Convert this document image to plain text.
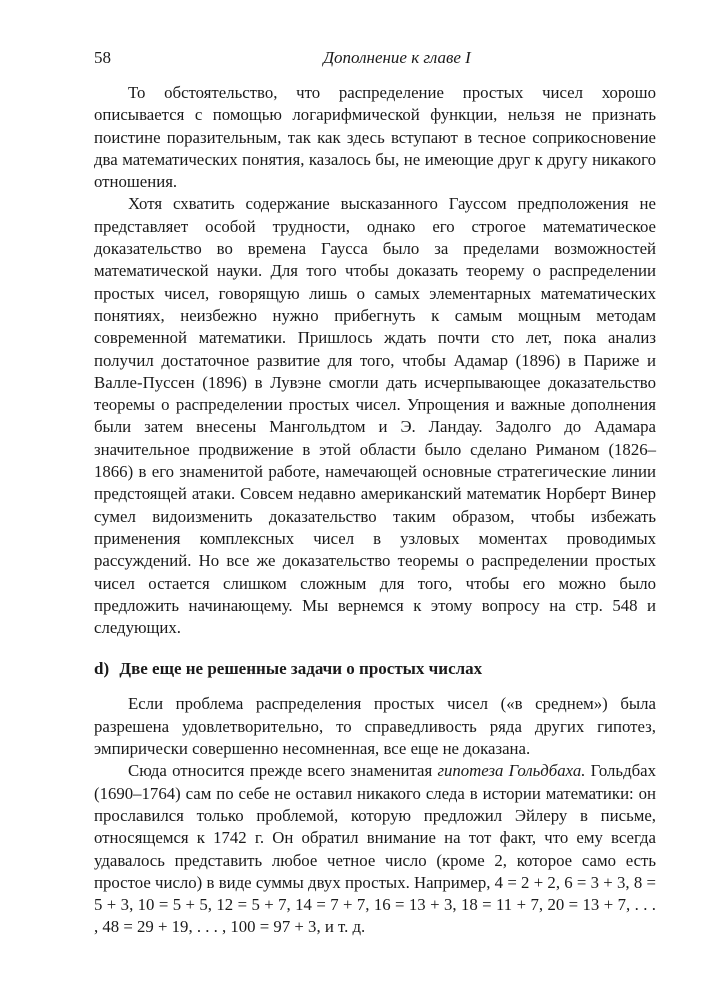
58	Дополнение к главе I

То обстоятельство, что распределение простых чисел хорошо описывается с помощью логарифмической функции, нельзя не признать поистине поразительным, так как здесь вступают в тесное соприкосновение два математических понятия, казалось бы, не имеющие друг к другу никакого отношения.

Хотя схватить содержание высказанного Гауссом предположения не представляет особой трудности, однако его строгое математическое доказательство во времена Гаусса было за пределами возможностей математической науки. Для того чтобы доказать теорему о распределении простых чисел, говорящую лишь о самых элементарных математических понятиях, неизбежно нужно прибегнуть к самым мощным методам современной математики. Пришлось ждать почти сто лет, пока анализ получил достаточное развитие для того, чтобы Адамар (1896) в Париже и Валле-Пуссен (1896) в Лувэне смогли дать исчерпывающее доказательство теоремы о распределении простых чисел. Упрощения и важные дополнения были затем внесены Мангольдтом и Э. Ландау. Задолго до Адамара значительное продвижение в этой области было сделано Риманом (1826–1866) в его знаменитой работе, намечающей основные стратегические линии предстоящей атаки. Совсем недавно американский математик Норберт Винер сумел видоизменить доказательство таким образом, чтобы избежать применения комплексных чисел в узловых моментах проводимых рассуждений. Но все же доказательство теоремы о распределении простых чисел остается слишком сложным для того, чтобы его можно было предложить начинающему. Мы вернемся к этому вопросу на стр. 548 и следующих.

d) Две еще не решенные задачи о простых числах

Если проблема распределения простых чисел («в среднем») была разрешена удовлетворительно, то справедливость ряда других гипотез, эмпирически совершенно несомненная, все еще не доказана.

Сюда относится прежде всего знаменитая гипотеза Гольдбаха. Гольдбах (1690–1764) сам по себе не оставил никакого следа в истории математики: он прославился только проблемой, которую предложил Эйлеру в письме, относящемся к 1742 г. Он обратил внимание на тот факт, что ему всегда удавалось представить любое четное число (кроме 2, которое само есть простое число) в виде суммы двух простых. Например, 4 = 2 + 2, 6 = 3 + 3, 8 = 5 + 3, 10 = 5 + 5, 12 = 5 + 7, 14 = 7 + 7, 16 = 13 + 3, 18 = 11 + 7, 20 = 13 + 7, . . . , 48 = 29 + 19, . . . , 100 = 97 + 3, и т. д.
